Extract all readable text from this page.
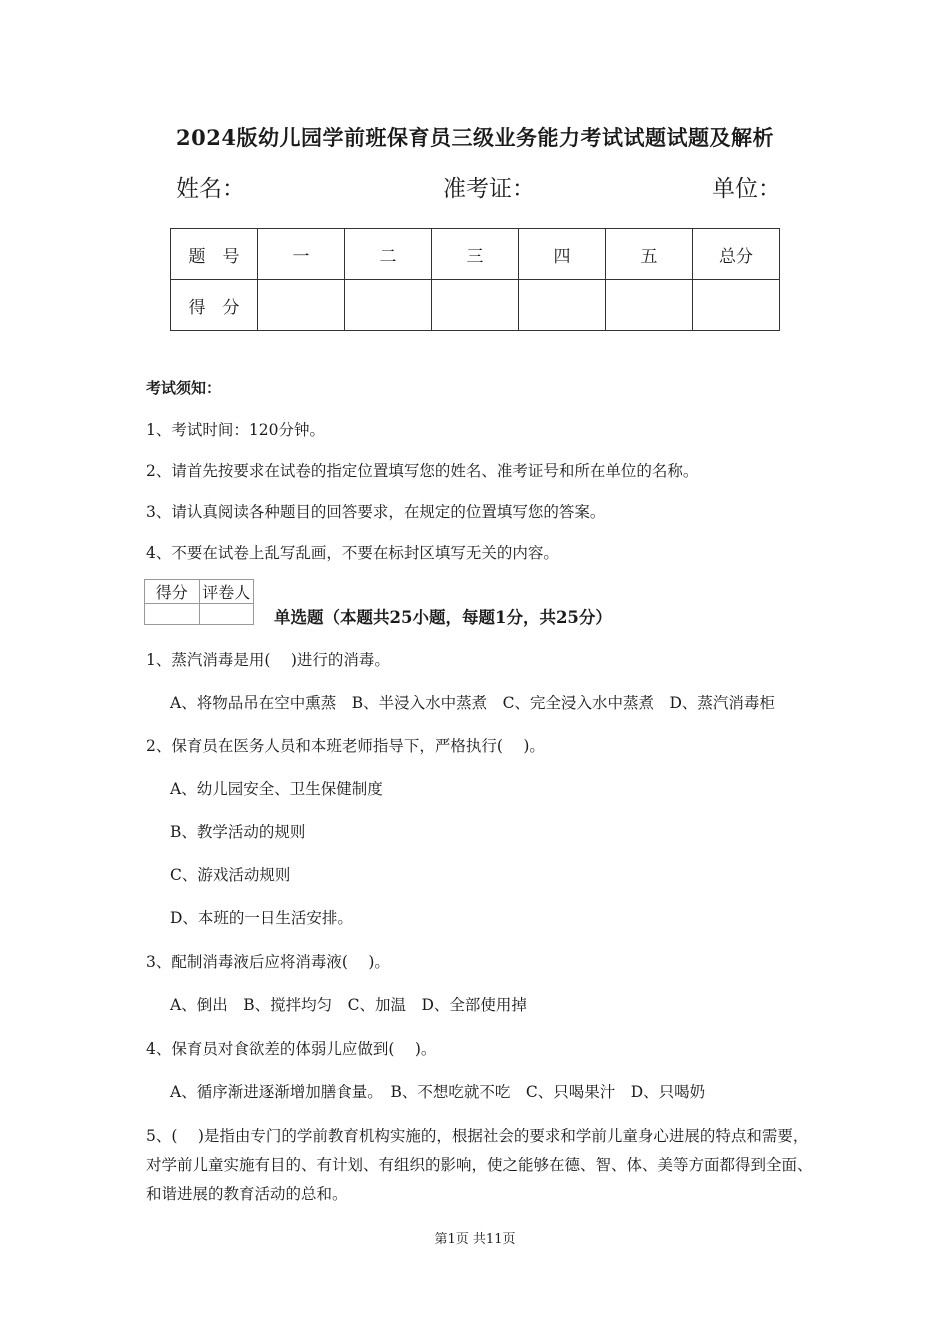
2024版幼儿园学前班保育员三级业务能力考试试题试题及解析
姓名：	准考证：	单位：
题　号	一	二	三	四	五	总分
得　分						
考试须知：
1、考试时间：120分钟。
2、请首先按要求在试卷的指定位置填写您的姓名、准考证号和所在单位的名称。
3、请认真阅读各种题目的回答要求，在规定的位置填写您的答案。
4、不要在试卷上乱写乱画，不要在标封区填写无关的内容。
得分	评卷人

单选题（本题共25小题，每题1分，共25分）
1、蒸汽消毒是用(　 )进行的消毒。
A、将物品吊在空中熏蒸　B、半浸入水中蒸煮　C、完全浸入水中蒸煮　D、蒸汽消毒柜
2、保育员在医务人员和本班老师指导下，严格执行(　 )。
A、幼儿园安全、卫生保健制度
B、教学活动的规则
C、游戏活动规则
D、本班的一日生活安排。
3、配制消毒液后应将消毒液(　 )。
A、倒出　B、搅拌均匀　C、加温　D、全部使用掉
4、保育员对食欲差的体弱儿应做到(　 )。
A、循序渐进逐渐增加膳食量。　B、不想吃就不吃　C、只喝果汁　D、只喝奶
5、(　 )是指由专门的学前教育机构实施的，根据社会的要求和学前儿童身心进展的特点和需要，对学前儿童实施有目的、有计划、有组织的影响，使之能够在德、智、体、美等方面都得到全面、和谐进展的教育活动的总和。
第1页 共11页
